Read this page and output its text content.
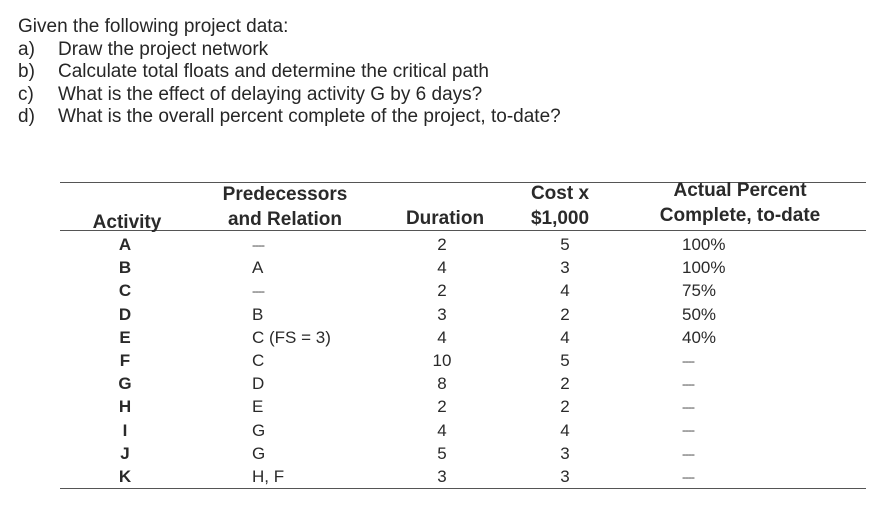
Given the following project data:
a) Draw the project network
b) Calculate total floats and determine the critical path
c) What is the effect of delaying activity G by 6 days?
d) What is the overall percent complete of the project, to-date?
Activity
Predecessors
and Relation	Duration
Cost x
$1,000
Actual Percent
Complete, to-date
A
B
C
D
E
F
G
H
I
J
K
----
A
----
B
C (FS = 3)
C
D
E
G
G
H, F
2
4
2
3
4
10
8
2
4
5
3
5
3
4
2
4
5
2
2
4
3
3
100%
100%
75%
50%
40%
----
----
----
----
----
----
